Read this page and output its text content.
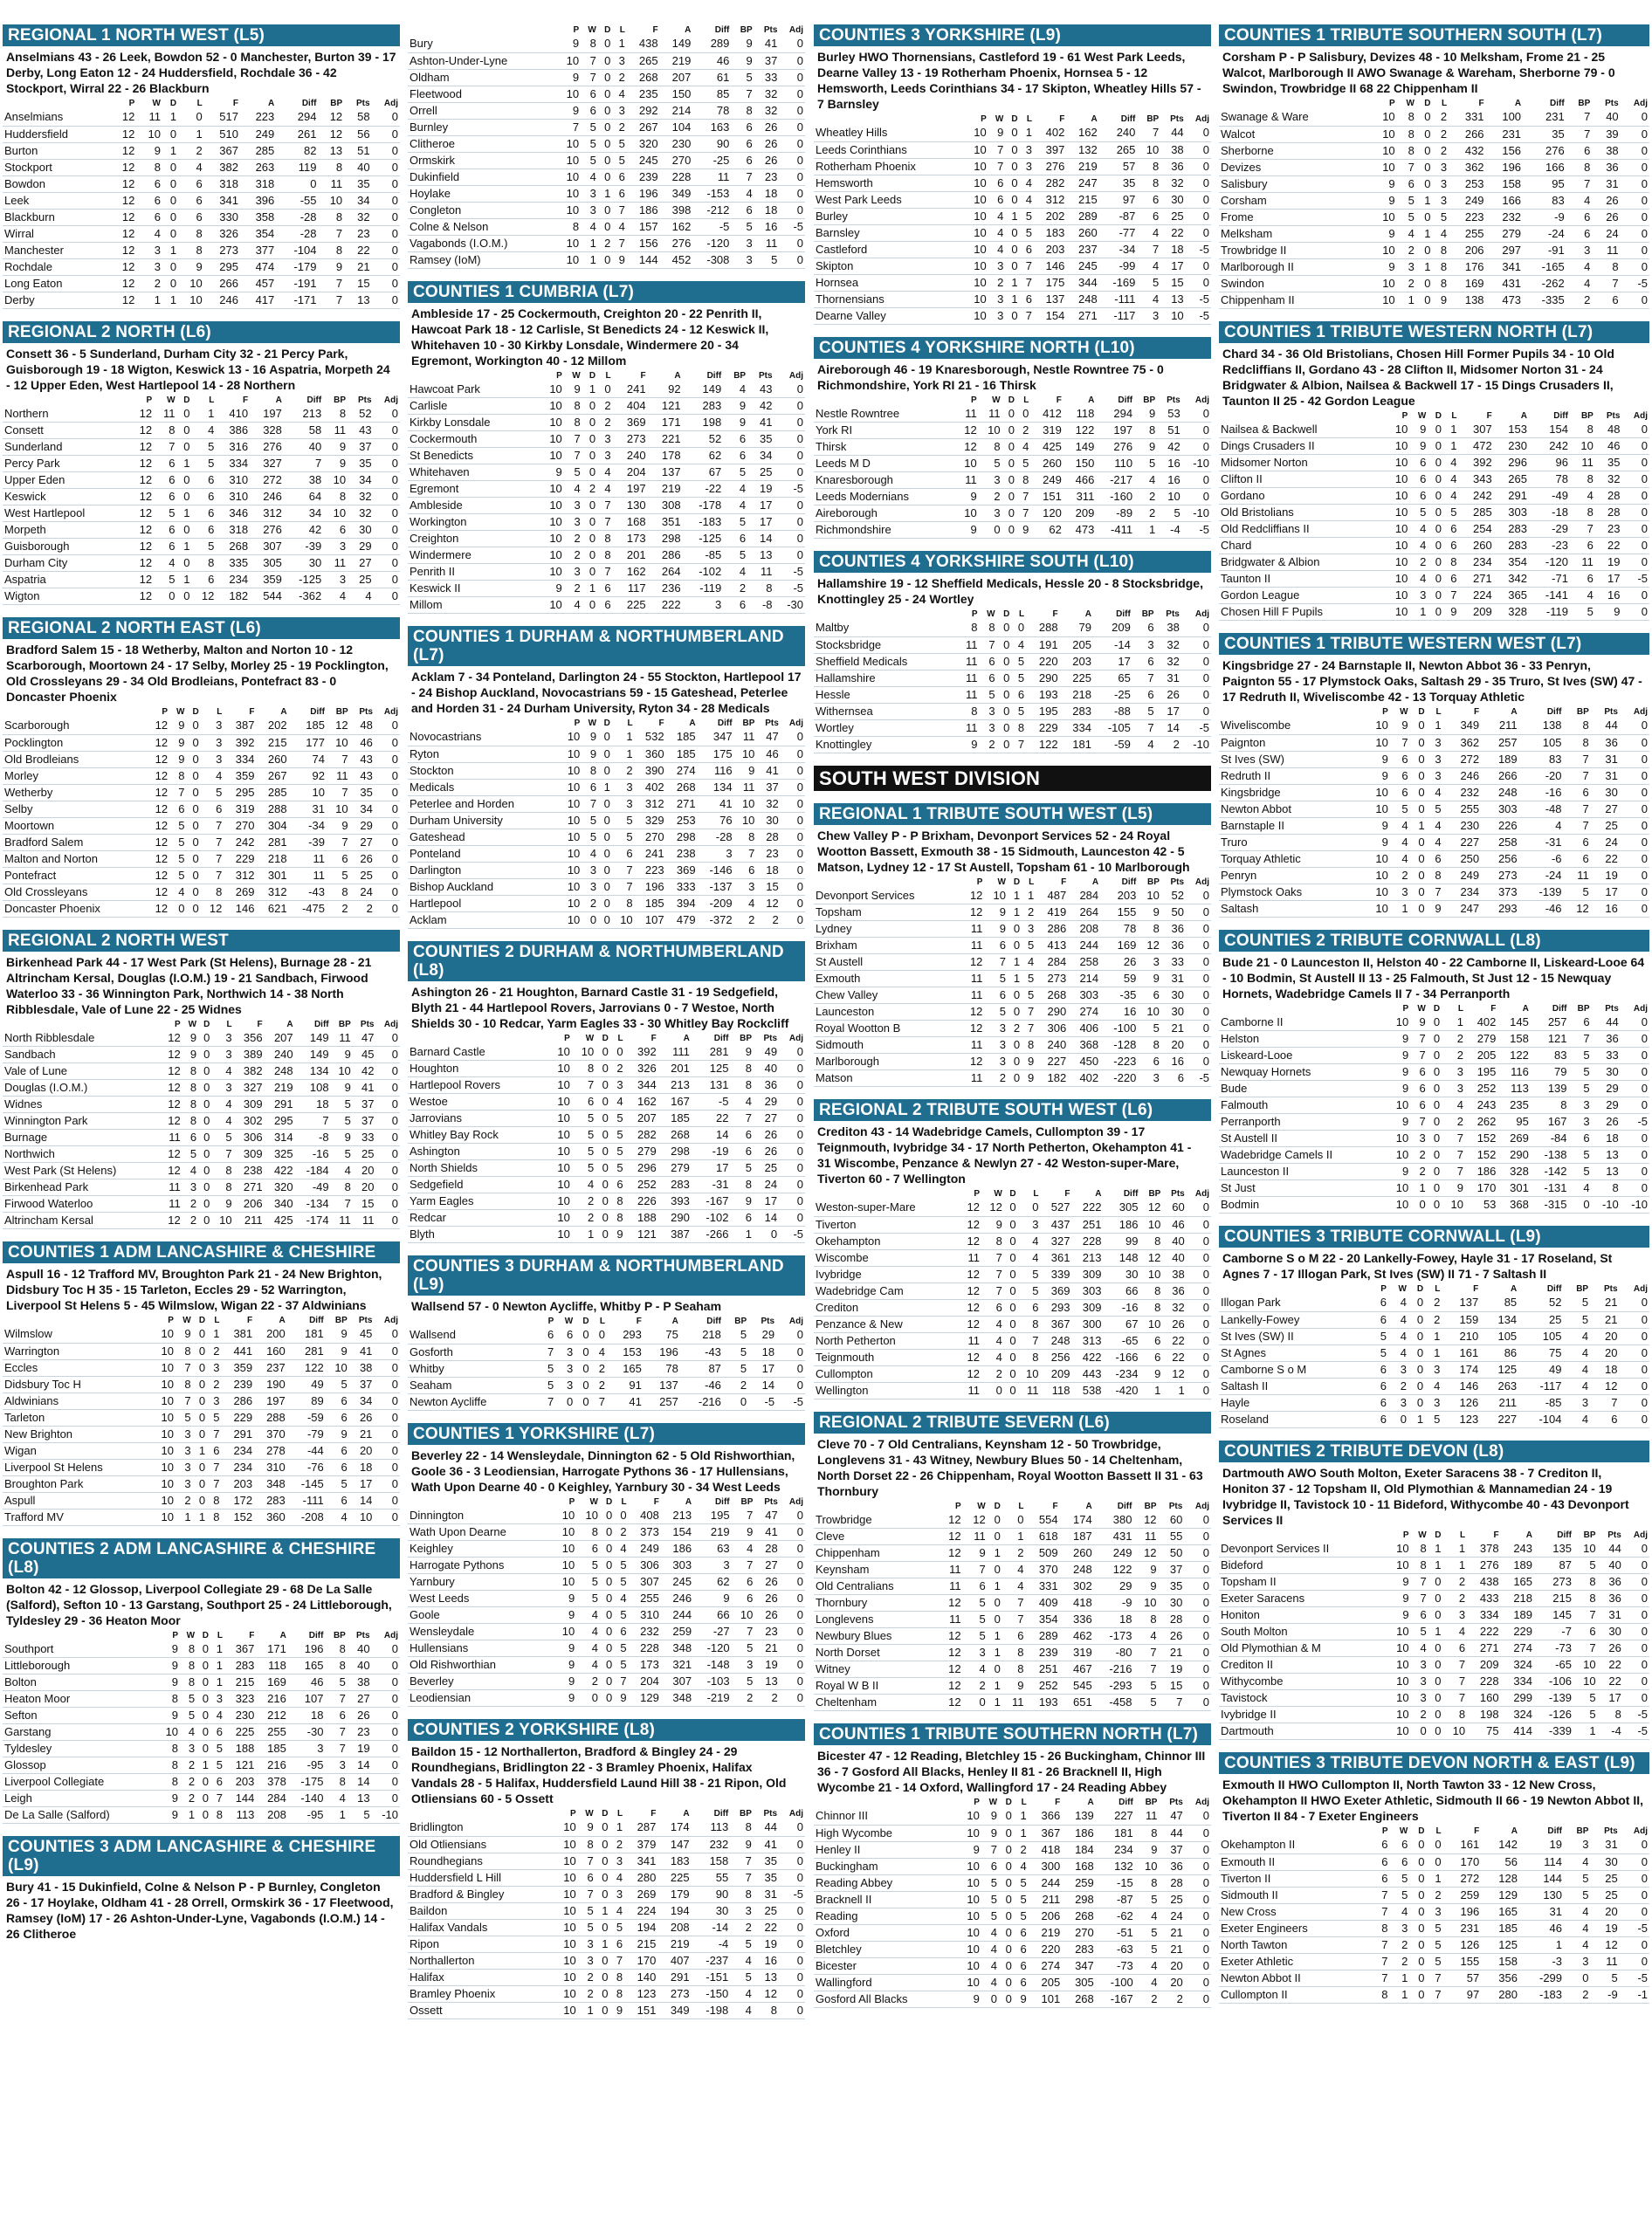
REGIONAL 1 NORTH WEST (L5)
Anselmians 43 - 26 Leek, Bowdon 52 - 0 Manchester, Burton 39 - 17 Derby, Long Eaton 12 - 24 Huddersfield, Rochdale 36 - 42 Stockport, Wirral 22 - 26 Blackburn
	P	W	D	L	F	A	Diff	BP	Pts	Adj
Anselmians	12	11	1	0	517	223	294	12	58	0
Huddersfield	12	10	0	1	510	249	261	12	56	0
Burton	12	9	1	2	367	285	82	13	51	0
Stockport	12	8	0	4	382	263	119	8	40	0
Bowdon	12	6	0	6	318	318	0	11	35	0
Leek	12	6	0	6	341	396	-55	10	34	0
Blackburn	12	6	0	6	330	358	-28	8	32	0
Wirral	12	4	0	8	326	354	-28	7	23	0
Manchester	12	3	1	8	273	377	-104	8	22	0
Rochdale	12	3	0	9	295	474	-179	9	21	0
Long Eaton	12	2	0	10	266	457	-191	7	15	0
Derby	12	1	1	10	246	417	-171	7	13	0
REGIONAL 2 NORTH (L6)
Consett 36 - 5 Sunderland, Durham City 32 - 21 Percy Park, Guisborough 19 - 18 Wigton, Keswick 13 - 16 Aspatria, Morpeth 24 - 12 Upper Eden, West Hartlepool 14 - 28 Northern
	P	W	D	L	F	A	Diff	BP	Pts	Adj
Northern	12	11	0	1	410	197	213	8	52	0
Consett	12	8	0	4	386	328	58	11	43	0
Sunderland	12	7	0	5	316	276	40	9	37	0
Percy Park	12	6	1	5	334	327	7	9	35	0
Upper Eden	12	6	0	6	310	272	38	10	34	0
Keswick	12	6	0	6	310	246	64	8	32	0
West Hartlepool	12	5	1	6	346	312	34	10	32	0
Morpeth	12	6	0	6	318	276	42	6	30	0
Guisborough	12	6	1	5	268	307	-39	3	29	0
Durham City	12	4	0	8	335	305	30	11	27	0
Aspatria	12	5	1	6	234	359	-125	3	25	0
Wigton	12	0	0	12	182	544	-362	4	4	0
REGIONAL 2 NORTH EAST (L6)
Bradford Salem 15 - 18 Wetherby, Malton and Norton 10 - 12 Scarborough, Moortown 24 - 17 Selby, Morley 25 - 19 Pocklington, Old Crossleyans 29 - 34 Old Brodleians, Pontefract 83 - 0 Doncaster Phoenix
	P	W	D	L	F	A	Diff	BP	Pts	Adj
Scarborough	12	9	0	3	387	202	185	12	48	0
Pocklington	12	9	0	3	392	215	177	10	46	0
Old Brodleians	12	9	0	3	334	260	74	7	43	0
Morley	12	8	0	4	359	267	92	11	43	0
Wetherby	12	7	0	5	295	285	10	7	35	0
Selby	12	6	0	6	319	288	31	10	34	0
Moortown	12	5	0	7	270	304	-34	9	29	0
Bradford Salem	12	5	0	7	242	281	-39	7	27	0
Malton and Norton	12	5	0	7	229	218	11	6	26	0
Pontefract	12	5	0	7	312	301	11	5	25	0
Old Crossleyans	12	4	0	8	269	312	-43	8	24	0
Doncaster Phoenix	12	0	0	12	146	621	-475	2	2	0
REGIONAL 2 NORTH WEST
Birkenhead Park 44 - 17 West Park (St Helens), Burnage 28 - 21 Altrincham Kersal, Douglas (I.O.M.) 19 - 21 Sandbach, Firwood Waterloo 33 - 36 Winnington Park, Northwich 14 - 38 North Ribblesdale, Vale of Lune 22 - 25 Widnes
	P	W	D	L	F	A	Diff	BP	Pts	Adj
North Ribblesdale	12	9	0	3	356	207	149	11	47	0
Sandbach	12	9	0	3	389	240	149	9	45	0
Vale of Lune	12	8	0	4	382	248	134	10	42	0
Douglas (I.O.M.)	12	8	0	3	327	219	108	9	41	0
Widnes	12	8	0	4	309	291	18	5	37	0
Winnington Park	12	8	0	4	302	295	7	5	37	0
Burnage	11	6	0	5	306	314	-8	9	33	0
Northwich	12	5	0	7	309	325	-16	5	25	0
West Park (St Helens)	12	4	0	8	238	422	-184	4	20	0
Birkenhead Park	11	3	0	8	271	320	-49	8	20	0
Firwood Waterloo	11	2	0	9	206	340	-134	7	15	0
Altrincham Kersal	12	2	0	10	211	425	-174	11	11	0
COUNTIES 1 ADM LANCASHIRE & CHESHIRE
Aspull 16 - 12 Trafford MV, Broughton Park 21 - 24 New Brighton, Didsbury Toc H 35 - 15 Tarleton, Eccles 29 - 52 Warrington, Liverpool St Helens 5 - 45 Wilmslow, Wigan 22 - 37 Aldwinians
	P	W	D	L	F	A	Diff	BP	Pts	Adj
Wilmslow	10	9	0	1	381	200	181	9	45	0
Warrington	10	8	0	2	441	160	281	9	41	0
Eccles	10	7	0	3	359	237	122	10	38	0
Didsbury Toc H	10	8	0	2	239	190	49	5	37	0
Aldwinians	10	7	0	3	286	197	89	6	34	0
Tarleton	10	5	0	5	229	288	-59	6	26	0
New Brighton	10	3	0	7	291	370	-79	9	21	0
Wigan	10	3	1	6	234	278	-44	6	20	0
Liverpool St Helens	10	3	0	7	234	310	-76	6	18	0
Broughton Park	10	3	0	7	203	348	-145	5	17	0
Aspull	10	2	0	8	172	283	-111	6	14	0
Trafford MV	10	1	1	8	152	360	-208	4	10	0
COUNTIES 2 ADM LANCASHIRE & CHESHIRE (L8)
Bolton 42 - 12 Glossop, Liverpool Collegiate 29 - 68 De La Salle (Salford), Sefton 10 - 13 Garstang, Southport 25 - 24 Littleborough, Tyldesley 29 - 36 Heaton Moor
	P	W	D	L	F	A	Diff	BP	Pts	Adj
Southport	9	8	0	1	367	171	196	8	40	0
Littleborough	9	8	0	1	283	118	165	8	40	0
Bolton	9	8	0	1	215	169	46	5	38	0
Heaton Moor	8	5	0	3	323	216	107	7	27	0
Sefton	9	5	0	4	230	212	18	6	26	0
Garstang	10	4	0	6	225	255	-30	7	23	0
Tyldesley	8	3	0	5	188	185	3	7	19	0
Glossop	8	2	1	5	121	216	-95	3	14	0
Liverpool Collegiate	8	2	0	6	203	378	-175	8	14	0
Leigh	9	2	0	7	144	284	-140	4	13	0
De La Salle (Salford)	9	1	0	8	113	208	-95	1	5	-10
COUNTIES 3 ADM LANCASHIRE & CHESHIRE (L9)
Bury 41 - 15 Dukinfield, Colne & Nelson P - P Burnley, Congleton 26 - 17 Hoylake, Oldham 41 - 28 Orrell, Ormskirk 36 - 17 Fleetwood, Ramsey (IoM) 17 - 26 Ashton-Under-Lyne, Vagabonds (I.O.M.) 14 - 26 Clitheroe
	P	W	D	L	F	A	Diff	BP	Pts	Adj
Bury	9	8	0	1	438	149	289	9	41	0
Ashton-Under-Lyne	10	7	0	3	265	219	46	9	37	0
Oldham	9	7	0	2	268	207	61	5	33	0
Fleetwood	10	6	0	4	235	150	85	7	32	0
Orrell	9	6	0	3	292	214	78	8	32	0
Burnley	7	5	0	2	267	104	163	6	26	0
Clitheroe	10	5	0	5	320	230	90	6	26	0
Ormskirk	10	5	0	5	245	270	-25	6	26	0
Dukinfield	10	4	0	6	239	228	11	7	23	0
Hoylake	10	3	1	6	196	349	-153	4	18	0
Congleton	10	3	0	7	186	398	-212	6	18	0
Colne & Nelson	8	4	0	4	157	162	-5	5	16	-5
Vagabonds (I.O.M.)	10	1	2	7	156	276	-120	3	11	0
Ramsey (IoM)	10	1	0	9	144	452	-308	3	5	0
COUNTIES 1 CUMBRIA (L7)
Ambleside 17 - 25 Cockermouth, Creighton 20 - 22 Penrith II, Hawcoat Park 18 - 12 Carlisle, St Benedicts 24 - 12 Keswick II, Whitehaven 10 - 30 Kirkby Lonsdale, Windermere 20 - 34 Egremont, Workington 40 - 12 Millom
	P	W	D	L	F	A	Diff	BP	Pts	Adj
Hawcoat Park	10	9	1	0	241	92	149	4	43	0
Carlisle	10	8	0	2	404	121	283	9	42	0
Kirkby Lonsdale	10	8	0	2	369	171	198	9	41	0
Cockermouth	10	7	0	3	273	221	52	6	35	0
St Benedicts	10	7	0	3	240	178	62	6	34	0
Whitehaven	9	5	0	4	204	137	67	5	25	0
Egremont	10	4	2	4	197	219	-22	4	19	-5
Ambleside	10	3	0	7	130	308	-178	4	17	0
Workington	10	3	0	7	168	351	-183	5	17	0
Creighton	10	2	0	8	173	298	-125	6	14	0
Windermere	10	2	0	8	201	286	-85	5	13	0
Penrith II	10	3	0	7	162	264	-102	4	11	-5
Keswick II	9	2	1	6	117	236	-119	2	8	-5
Millom	10	4	0	6	225	222	3	6	-8	-30
COUNTIES 1 DURHAM & NORTHUMBERLAND (L7)
Acklam 7 - 34 Ponteland, Darlington 24 - 55 Stockton, Hartlepool 17 - 24 Bishop Auckland, Novocastrians 59 - 15 Gateshead, Peterlee and Horden 31 - 24 Durham University, Ryton 34 - 28 Medicals
	P	W	D	L	F	A	Diff	BP	Pts	Adj
Novocastrians	10	9	0	1	532	185	347	11	47	0
Ryton	10	9	0	1	360	185	175	10	46	0
Stockton	10	8	0	2	390	274	116	9	41	0
Medicals	10	6	1	3	402	268	134	11	37	0
Peterlee and Horden	10	7	0	3	312	271	41	10	32	0
Durham University	10	5	0	5	329	253	76	10	30	0
Gateshead	10	5	0	5	270	298	-28	8	28	0
Ponteland	10	4	0	6	241	238	3	7	23	0
Darlington	10	3	0	7	223	369	-146	6	18	0
Bishop Auckland	10	3	0	7	196	333	-137	3	15	0
Hartlepool	10	2	0	8	185	394	-209	4	12	0
Acklam	10	0	0	10	107	479	-372	2	2	0
COUNTIES 2 DURHAM & NORTHUMBERLAND (L8)
Ashington 26 - 21 Houghton, Barnard Castle 31 - 19 Sedgefield, Blyth 21 - 44 Hartlepool Rovers, Jarrovians 0 - 7 Westoe, North Shields 30 - 10 Redcar, Yarm Eagles 33 - 30 Whitley Bay Rockcliff
	P	W	D	L	F	A	Diff	BP	Pts	Adj
Barnard Castle	10	10	0	0	392	111	281	9	49	0
Houghton	10	8	0	2	326	201	125	8	40	0
Hartlepool Rovers	10	7	0	3	344	213	131	8	36	0
Westoe	10	6	0	4	162	167	-5	4	29	0
Jarrovians	10	5	0	5	207	185	22	7	27	0
Whitley Bay Rock	10	5	0	5	282	268	14	6	26	0
Ashington	10	5	0	5	279	298	-19	6	26	0
North Shields	10	5	0	5	296	279	17	5	25	0
Sedgefield	10	4	0	6	252	283	-31	8	24	0
Yarm Eagles	10	2	0	8	226	393	-167	9	17	0
Redcar	10	2	0	8	188	290	-102	6	14	0
Blyth	10	1	0	9	121	387	-266	1	0	-5
COUNTIES 3 DURHAM & NORTHUMBERLAND (L9)
Wallsend 57 - 0 Newton Aycliffe, Whitby P - P Seaham
	P	W	D	L	F	A	Diff	BP	Pts	Adj
Wallsend	6	6	0	0	293	75	218	5	29	0
Gosforth	7	3	0	4	153	196	-43	5	18	0
Whitby	5	3	0	2	165	78	87	5	17	0
Seaham	5	3	0	2	91	137	-46	2	14	0
Newton Aycliffe	7	0	0	7	41	257	-216	0	-5	-5
COUNTIES 1 YORKSHIRE (L7)
Beverley 22 - 14 Wensleydale, Dinnington 62 - 5 Old Rishworthian, Goole 36 - 3 Leodiensian, Harrogate Pythons 36 - 17 Hullensians, Wath Upon Dearne 40 - 0 Keighley, Yarnbury 30 - 34 West Leeds
	P	W	D	L	F	A	Diff	BP	Pts	Adj
Dinnington	10	10	0	0	408	213	195	7	47	0
Wath Upon Dearne	10	8	0	2	373	154	219	9	41	0
Keighley	10	6	0	4	249	186	63	4	28	0
Harrogate Pythons	10	5	0	5	306	303	3	7	27	0
Yarnbury	10	5	0	5	307	245	62	6	26	0
West Leeds	9	5	0	4	255	246	9	6	26	0
Goole	9	4	0	5	310	244	66	10	26	0
Wensleydale	10	4	0	6	232	259	-27	7	23	0
Hullensians	9	4	0	5	228	348	-120	5	21	0
Old Rishworthian	9	4	0	5	173	321	-148	3	19	0
Beverley	9	2	0	7	204	307	-103	5	13	0
Leodiensian	9	0	0	9	129	348	-219	2	2	0
COUNTIES 2 YORKSHIRE (L8)
Baildon 15 - 12 Northallerton, Bradford & Bingley 24 - 29 Roundhegians, Bridlington 22 - 3 Bramley Phoenix, Halifax Vandals 28 - 5 Halifax, Huddersfield Laund Hill 38 - 21 Ripon, Old Otliensians 60 - 5 Ossett
	P	W	D	L	F	A	Diff	BP	Pts	Adj
Bridlington	10	9	0	1	287	174	113	8	44	0
Old Otliensians	10	8	0	2	379	147	232	9	41	0
Roundhegians	10	7	0	3	341	183	158	7	35	0
Huddersfield L Hill	10	6	0	4	280	225	55	7	35	0
Bradford & Bingley	10	7	0	3	269	179	90	8	31	-5
Baildon	10	5	1	4	224	194	30	3	25	0
Halifax Vandals	10	5	0	5	194	208	-14	2	22	0
Ripon	10	3	1	6	215	219	-4	5	19	0
Northallerton	10	3	0	7	170	407	-237	4	16	0
Halifax	10	2	0	8	140	291	-151	5	13	0
Bramley Phoenix	10	2	0	8	123	273	-150	4	12	0
Ossett	10	1	0	9	151	349	-198	4	8	0
COUNTIES 3 YORKSHIRE (L9)
Burley HWO Thornensians, Castleford 19 - 61 West Park Leeds, Dearne Valley 13 - 19 Rotherham Phoenix, Hornsea 5 - 12 Hemsworth, Leeds Corinthians 34 - 17 Skipton, Wheatley Hills 57 - 7 Barnsley
	P	W	D	L	F	A	Diff	BP	Pts	Adj
Wheatley Hills	10	9	0	1	402	162	240	7	44	0
Leeds Corinthians	10	7	0	3	397	132	265	10	38	0
Rotherham Phoenix	10	7	0	3	276	219	57	8	36	0
Hemsworth	10	6	0	4	282	247	35	8	32	0
West Park Leeds	10	6	0	4	312	215	97	6	30	0
Burley	10	4	1	5	202	289	-87	6	25	0
Barnsley	10	4	0	5	183	260	-77	4	22	0
Castleford	10	4	0	6	203	237	-34	7	18	-5
Skipton	10	3	0	7	146	245	-99	4	17	0
Hornsea	10	2	1	7	175	344	-169	5	15	0
Thornensians	10	3	1	6	137	248	-111	4	13	-5
Dearne Valley	10	3	0	7	154	271	-117	3	10	-5
COUNTIES 4 YORKSHIRE NORTH (L10)
Aireborough 46 - 19 Knaresborough, Nestle Rowntree 75 - 0 Richmondshire, York RI 21 - 16 Thirsk
	P	W	D	L	F	A	Diff	BP	Pts	Adj
Nestle Rowntree	11	11	0	0	412	118	294	9	53	0
York RI	12	10	0	2	319	122	197	8	51	0
Thirsk	12	8	0	4	425	149	276	9	42	0
Leeds M D	10	5	0	5	260	150	110	5	16	-10
Knaresborough	11	3	0	8	249	466	-217	4	16	0
Leeds Modernians	9	2	0	7	151	311	-160	2	10	0
Aireborough	10	3	0	7	120	209	-89	2	5	-10
Richmondshire	9	0	0	9	62	473	-411	1	-4	-5
COUNTIES 4 YORKSHIRE SOUTH (L10)
Hallamshire 19 - 12 Sheffield Medicals, Hessle 20 - 8 Stocksbridge, Knottingley 25 - 24 Wortley
	P	W	D	L	F	A	Diff	BP	Pts	Adj
Maltby	8	8	0	0	288	79	209	6	38	0
Stocksbridge	11	7	0	4	191	205	-14	3	32	0
Sheffield Medicals	11	6	0	5	220	203	17	6	32	0
Hallamshire	11	6	0	5	290	225	65	7	31	0
Hessle	11	5	0	6	193	218	-25	6	26	0
Withernsea	8	3	0	5	195	283	-88	5	17	0
Wortley	11	3	0	8	229	334	-105	7	14	-5
Knottingley	9	2	0	7	122	181	-59	4	2	-10
SOUTH WEST DIVISION
REGIONAL 1 TRIBUTE SOUTH WEST (L5)
Chew Valley P - P Brixham, Devonport Services 52 - 24 Royal Wootton Bassett, Exmouth 38 - 15 Sidmouth, Launceston 42 - 5 Matson, Lydney 12 - 17 St Austell, Topsham 61 - 10 Marlborough
	P	W	D	L	F	A	Diff	BP	Pts	Adj
Devonport Services	12	10	1	1	487	284	203	10	52	0
Topsham	12	9	1	2	419	264	155	9	50	0
Lydney	11	9	0	3	286	208	78	8	36	0
Brixham	11	6	0	5	413	244	169	12	36	0
St Austell	12	7	1	4	284	258	26	3	33	0
Exmouth	11	5	1	5	273	214	59	9	31	0
Chew Valley	11	6	0	5	268	303	-35	6	30	0
Launceston	12	5	0	7	290	274	16	10	30	0
Royal Wootton B	12	3	2	7	306	406	-100	5	21	0
Sidmouth	11	3	0	8	240	368	-128	8	20	0
Marlborough	12	3	0	9	227	450	-223	6	16	0
Matson	11	2	0	9	182	402	-220	3	6	-5
REGIONAL 2 TRIBUTE SOUTH WEST (L6)
Crediton 43 - 14 Wadebridge Camels, Cullompton 39 - 17 Teignmouth, Ivybridge 34 - 17 North Petherton, Okehampton 41 - 31 Wiscombe, Penzance & Newlyn 27 - 42 Weston-super-Mare, Tiverton 60 - 7 Wellington
	P	W	D	L	F	A	Diff	BP	Pts	Adj
Weston-super-Mare	12	12	0	0	527	222	305	12	60	0
Tiverton	12	9	0	3	437	251	186	10	46	0
Okehampton	12	8	0	4	327	228	99	8	40	0
Wiscombe	11	7	0	4	361	213	148	12	40	0
Ivybridge	12	7	0	5	339	309	30	10	38	0
Wadebridge Cam	12	7	0	5	369	303	66	8	36	0
Crediton	12	6	0	6	293	309	-16	8	32	0
Penzance & New	12	4	0	8	367	300	67	10	26	0
North Petherton	11	4	0	7	248	313	-65	6	22	0
Teignmouth	12	4	0	8	256	422	-166	6	22	0
Cullompton	12	2	0	10	209	443	-234	9	12	0
Wellington	11	0	0	11	118	538	-420	1	1	0
REGIONAL 2 TRIBUTE SEVERN (L6)
Cleve 70 - 7 Old Centralians, Keynsham 12 - 50 Trowbridge, Longlevens 31 - 43 Witney, Newbury Blues 50 - 14 Cheltenham, North Dorset 22 - 26 Chippenham, Royal Wootton Bassett II 31 - 63 Thornbury
	P	W	D	L	F	A	Diff	BP	Pts	Adj
Trowbridge	12	12	0	0	554	174	380	12	60	0
Cleve	12	11	0	1	618	187	431	11	55	0
Chippenham	12	9	1	2	509	260	249	12	50	0
Keynsham	11	7	0	4	370	248	122	9	37	0
Old Centralians	11	6	1	4	331	302	29	9	35	0
Thornbury	12	5	0	7	409	418	-9	10	30	0
Longlevens	11	5	0	7	354	336	18	8	28	0
Newbury Blues	12	5	1	6	289	462	-173	4	26	0
North Dorset	12	3	1	8	239	319	-80	7	21	0
Witney	12	4	0	8	251	467	-216	7	19	0
Royal W B II	12	2	1	9	252	545	-293	5	15	0
Cheltenham	12	0	1	11	193	651	-458	5	7	0
COUNTIES 1 TRIBUTE SOUTHERN NORTH (L7)
Bicester 47 - 12 Reading, Bletchley 15 - 26 Buckingham, Chinnor III 36 - 7 Gosford All Blacks, Henley II 81 - 26 Bracknell II, High Wycombe 21 - 14 Oxford, Wallingford 17 - 24 Reading Abbey
	P	W	D	L	F	A	Diff	BP	Pts	Adj
Chinnor III	10	9	0	1	366	139	227	11	47	0
High Wycombe	10	9	0	1	367	186	181	8	44	0
Henley II	9	7	0	2	418	184	234	9	37	0
Buckingham	10	6	0	4	300	168	132	10	36	0
Reading Abbey	10	5	0	5	244	259	-15	8	28	0
Bracknell II	10	5	0	5	211	298	-87	5	25	0
Reading	10	5	0	5	206	268	-62	4	24	0
Oxford	10	4	0	6	219	270	-51	5	21	0
Bletchley	10	4	0	6	220	283	-63	5	21	0
Bicester	10	4	0	6	274	347	-73	4	20	0
Wallingford	10	4	0	6	205	305	-100	4	20	0
Gosford All Blacks	9	0	0	9	101	268	-167	2	2	0
COUNTIES 1 TRIBUTE SOUTHERN SOUTH (L7)
Corsham P - P Salisbury, Devizes 48 - 10 Melksham, Frome 21 - 25 Walcot, Marlborough II AWO Swanage & Wareham, Sherborne 79 - 0 Swindon, Trowbridge II 68 22 Chippenham II
	P	W	D	L	F	A	Diff	BP	Pts	Adj
Swanage & Ware	10	8	0	2	331	100	231	7	40	0
Walcot	10	8	0	2	266	231	35	7	39	0
Sherborne	10	8	0	2	432	156	276	6	38	0
Devizes	10	7	0	3	362	196	166	8	36	0
Salisbury	9	6	0	3	253	158	95	7	31	0
Corsham	9	5	1	3	249	166	83	4	26	0
Frome	10	5	0	5	223	232	-9	6	26	0
Melksham	9	4	1	4	255	279	-24	6	24	0
Trowbridge II	10	2	0	8	206	297	-91	3	11	0
Marlborough II	9	3	1	8	176	341	-165	4	8	0
Swindon	10	2	0	8	169	431	-262	4	7	-5
Chippenham II	10	1	0	9	138	473	-335	2	6	0
COUNTIES 1 TRIBUTE WESTERN NORTH (L7)
Chard 34 - 36 Old Bristolians, Chosen Hill Former Pupils 34 - 10 Old Redcliffians II, Gordano 43 - 28 Clifton II, Midsomer Norton 31 - 24 Bridgwater & Albion, Nailsea & Backwell 17 - 15 Dings Crusaders II, Taunton II 25 - 42 Gordon League
	P	W	D	L	F	A	Diff	BP	Pts	Adj
Nailsea & Backwell	10	9	0	1	307	153	154	8	48	0
Dings Crusaders II	10	9	0	1	472	230	242	10	46	0
Midsomer Norton	10	6	0	4	392	296	96	11	35	0
Clifton II	10	6	0	4	343	265	78	8	32	0
Gordano	10	6	0	4	242	291	-49	4	28	0
Old Bristolians	10	5	0	5	285	303	-18	8	28	0
Old Redcliffians II	10	4	0	6	254	283	-29	7	23	0
Chard	10	4	0	6	260	283	-23	6	22	0
Bridgwater & Albion	10	2	0	8	234	354	-120	11	19	0
Taunton II	10	4	0	6	271	342	-71	6	17	-5
Gordon League	10	3	0	7	224	365	-141	4	16	0
Chosen Hill F Pupils	10	1	0	9	209	328	-119	5	9	0
COUNTIES 1 TRIBUTE WESTERN WEST (L7)
Kingsbridge 27 - 24 Barnstaple II, Newton Abbot 36 - 33 Penryn, Paignton 55 - 17 Plymstock Oaks, Saltash 29 - 35 Truro, St Ives (SW) 47 - 17 Redruth II, Wiveliscombe 42 - 13 Torquay Athletic
	P	W	D	L	F	A	Diff	BP	Pts	Adj
Wiveliscombe	10	9	0	1	349	211	138	8	44	0
Paignton	10	7	0	3	362	257	105	8	36	0
St Ives (SW)	9	6	0	3	272	189	83	7	31	0
Redruth II	9	6	0	3	246	266	-20	7	31	0
Kingsbridge	10	6	0	4	232	248	-16	6	30	0
Newton Abbot	10	5	0	5	255	303	-48	7	27	0
Barnstaple II	9	4	1	4	230	226	4	7	25	0
Truro	9	4	0	4	227	258	-31	6	24	0
Torquay Athletic	10	4	0	6	250	256	-6	6	22	0
Penryn	10	2	0	8	249	273	-24	11	19	0
Plymstock Oaks	10	3	0	7	234	373	-139	5	17	0
Saltash	10	1	0	9	247	293	-46	12	16	0
COUNTIES 2 TRIBUTE CORNWALL (L8)
Bude 21 - 0 Launceston II, Helston 40 - 22 Camborne II, Liskeard-Looe 64 - 10 Bodmin, St Austell II 13 - 25 Falmouth, St Just 12 - 15 Newquay Hornets, Wadebridge Camels II 7 - 34 Perranporth
	P	W	D	L	F	A	Diff	BP	Pts	Adj
Camborne II	10	9	0	1	402	145	257	6	44	0
Helston	9	7	0	2	279	158	121	7	36	0
Liskeard-Looe	9	7	0	2	205	122	83	5	33	0
Newquay Hornets	9	6	0	3	195	116	79	5	30	0
Bude	9	6	0	3	252	113	139	5	29	0
Falmouth	10	6	0	4	243	235	8	3	29	0
Perranporth	9	7	0	2	262	95	167	3	26	-5
St Austell II	10	3	0	7	152	269	-84	6	18	0
Wadebridge Camels II	10	2	0	7	152	290	-138	5	13	0
Launceston II	9	2	0	7	186	328	-142	5	13	0
St Just	10	1	0	9	170	301	-131	4	8	0
Bodmin	10	0	0	10	53	368	-315	0	-10	-10
COUNTIES 3 TRIBUTE CORNWALL (L9)
Camborne S o M 22 - 20 Lankelly-Fowey, Hayle 31 - 17 Roseland, St Agnes 7 - 17 Illogan Park, St Ives (SW) II 71 - 7 Saltash II
	P	W	D	L	F	A	Diff	BP	Pts	Adj
Illogan Park	6	4	0	2	137	85	52	5	21	0
Lankelly-Fowey	6	4	0	2	159	134	25	5	21	0
St Ives (SW) II	5	4	0	1	210	105	105	4	20	0
St Agnes	5	4	0	1	161	86	75	4	20	0
Camborne S o M	6	3	0	3	174	125	49	4	18	0
Saltash II	6	2	0	4	146	263	-117	4	12	0
Hayle	6	3	0	3	126	211	-85	3	7	0
Roseland	6	0	1	5	123	227	-104	4	6	0
COUNTIES 2 TRIBUTE DEVON (L8)
Dartmouth AWO South Molton, Exeter Saracens 38 - 7 Crediton II, Honiton 37 - 12 Topsham II, Old Plymothian & Mannamedian 24 - 19 Ivybridge II, Tavistock 10 - 11 Bideford, Withycombe 40 - 43 Devonport Services II
	P	W	D	L	F	A	Diff	BP	Pts	Adj
Devonport Services II	10	8	1	1	378	243	135	10	44	0
Bideford	10	8	1	1	276	189	87	5	40	0
Topsham II	9	7	0	2	438	165	273	8	36	0
Exeter Saracens	9	7	0	2	433	218	215	8	36	0
Honiton	9	6	0	3	334	189	145	7	31	0
South Molton	10	5	1	4	222	229	-7	6	30	0
Old Plymothian & M	10	4	0	6	271	274	-73	7	26	0
Crediton II	10	3	0	7	209	324	-65	10	22	0
Withycombe	10	3	0	7	228	334	-106	10	22	0
Tavistock	10	3	0	7	160	299	-139	5	17	0
Ivybridge II	10	2	0	8	198	324	-126	5	8	-5
Dartmouth	10	0	0	10	75	414	-339	1	-4	-5
COUNTIES 3 TRIBUTE DEVON NORTH & EAST (L9)
Exmouth II HWO Cullompton II, North Tawton 33 - 12 New Cross, Okehampton II HWO Exeter Athletic, Sidmouth II 66 - 19 Newton Abbot II, Tiverton II 84 - 7 Exeter Engineers
	P	W	D	L	F	A	Diff	BP	Pts	Adj
Okehampton II	6	6	0	0	161	142	19	3	31	0
Exmouth II	6	6	0	0	170	56	114	4	30	0
Tiverton II	6	5	0	1	272	128	144	5	25	0
Sidmouth II	7	5	0	2	259	129	130	5	25	0
New Cross	7	4	0	3	196	165	31	4	20	0
Exeter Engineers	8	3	0	5	231	185	46	4	19	-5
North Tawton	7	2	0	5	126	125	1	4	12	0
Exeter Athletic	7	2	0	5	155	158	-3	3	11	0
Newton Abbot II	7	1	0	7	57	356	-299	0	5	-5
Cullompton II	8	1	0	7	97	280	-183	2	-9	-1
